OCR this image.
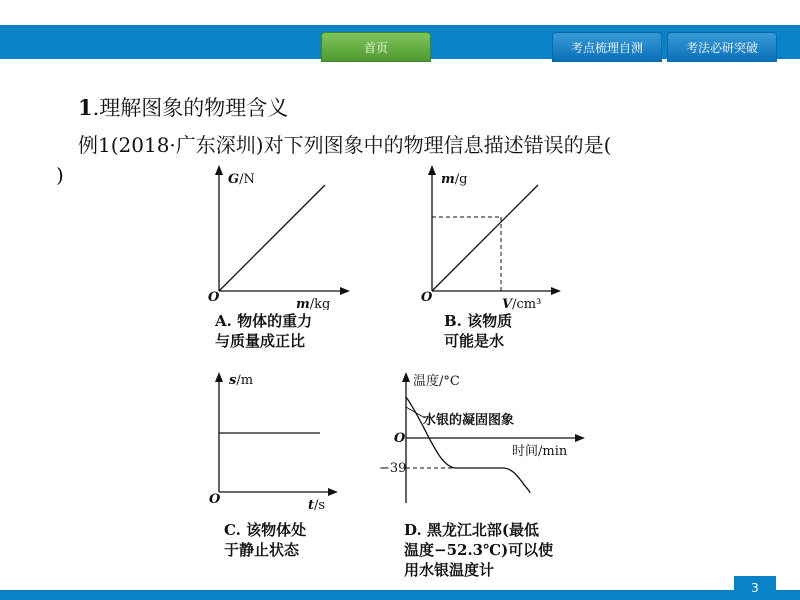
首页	考点梳理自测	考法必研突破
1.理解图象的物理含义
例1(2018·广东深圳)对下列图象中的物理信息描述错误的是(
)	G/N
O	m/kg
A. 物体的重力
与质量成正比
m/g
O	V/cm³
B. 该物质
可能是水
s/m
O	t/s
C. 该物体处
于静止状态
温度/°C
水银的凝固图象
O
时间/min
−39
D. 黑龙江北部(最低
温度−52.3℃)可以使
用水银温度计
3
